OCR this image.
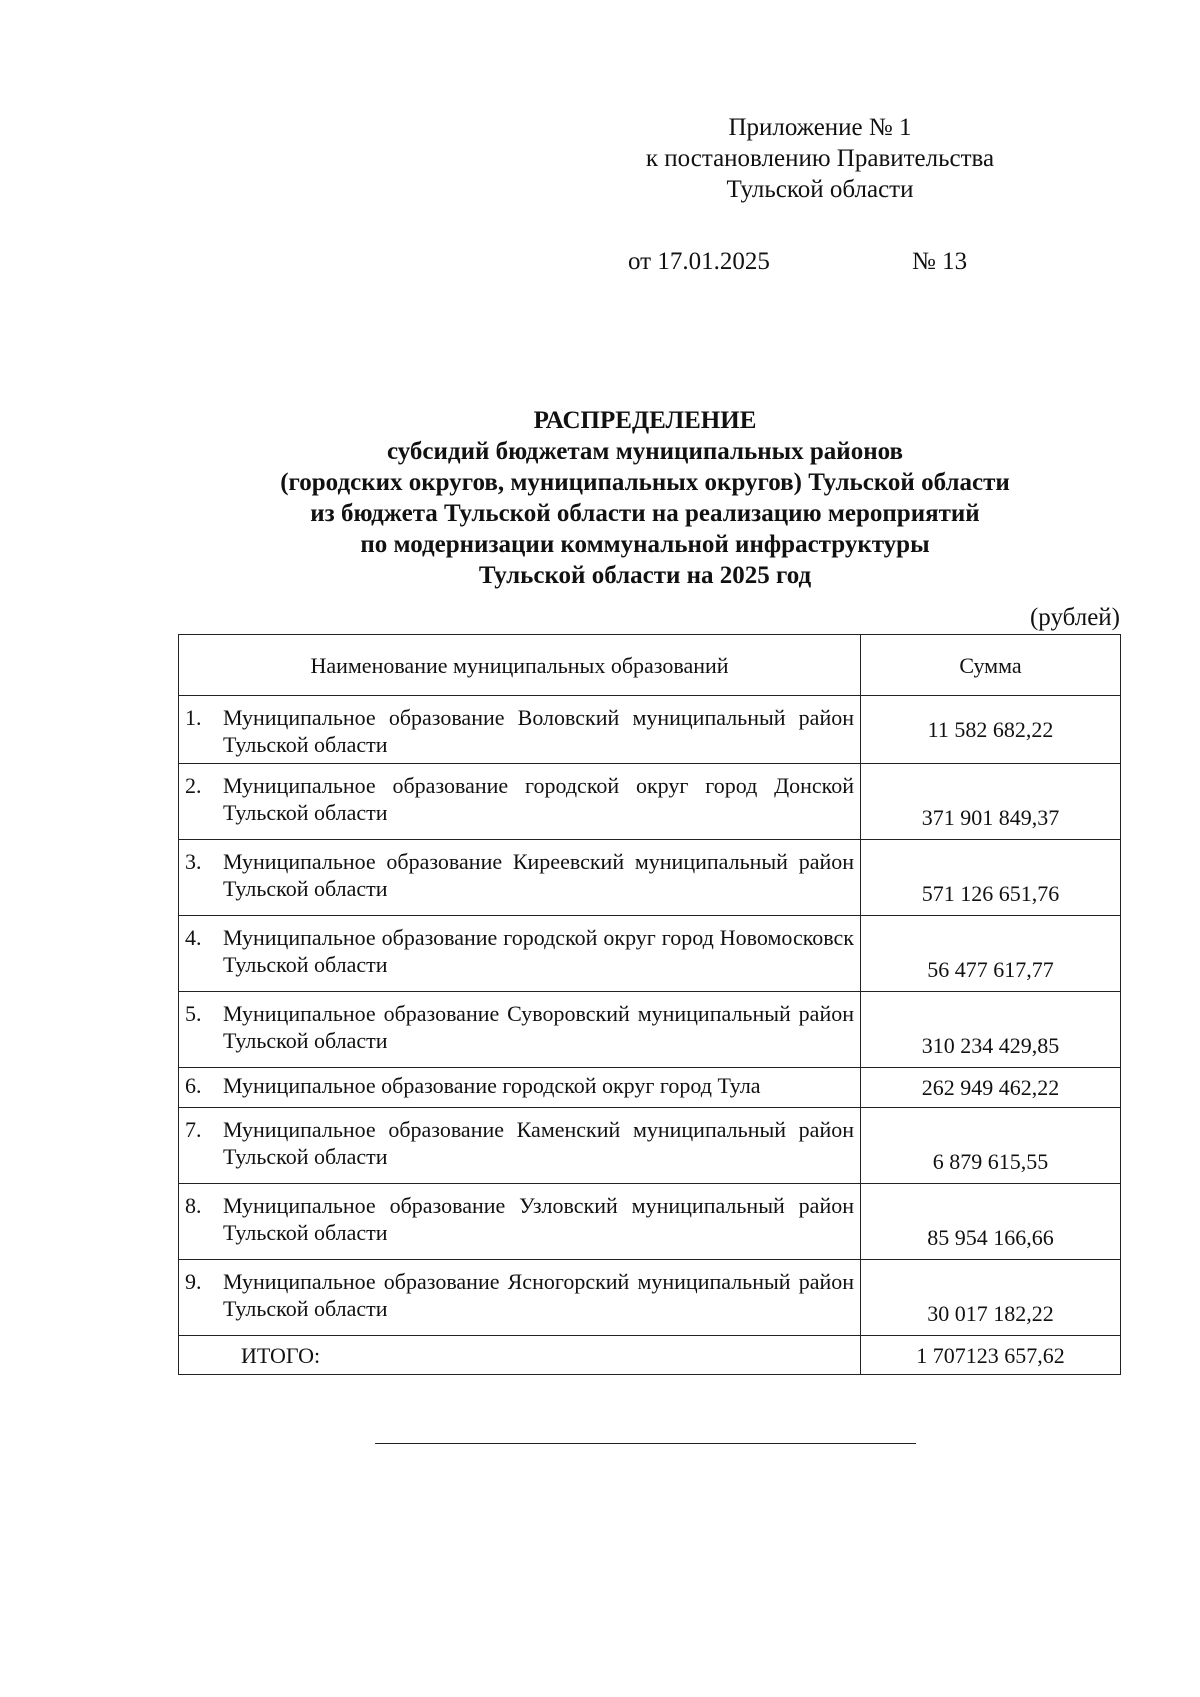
Приложение № 1
к постановлению Правительства
Тульской области
от 17.01.2025	№ 13
РАСПРЕДЕЛЕНИЕ
субсидий бюджетам муниципальных районов
(городских округов, муниципальных округов) Тульской области
из бюджета Тульской области на реализацию мероприятий
по модернизации коммунальной инфраструктуры
Тульской области на 2025 год
(рублей)
Наименование муниципальных образований	Сумма

1. Муниципальное образование Воловский муниципальный район Тульской области	11 582 682,22

2. Муниципальное образование городской округ город Донской Тульской области	371 901 849,37

3. Муниципальное образование Киреевский муниципальный район Тульской области	571 126 651,76

4. Муниципальное образование городской округ город Новомосковск Тульской области	56 477 617,77

5. Муниципальное образование Суворовский муниципальный район Тульской области	310 234 429,85

6. Муниципальное образование городской округ город Тула	262 949 462,22

7. Муниципальное образование Каменский муниципальный район Тульской области	6 879 615,55

8. Муниципальное образование Узловский муниципальный район Тульской области	85 954 166,66

9. Муниципальное образование Ясногорский муниципальный район Тульской области	30 017 182,22
ИТОГО:	1 707123 657,62
